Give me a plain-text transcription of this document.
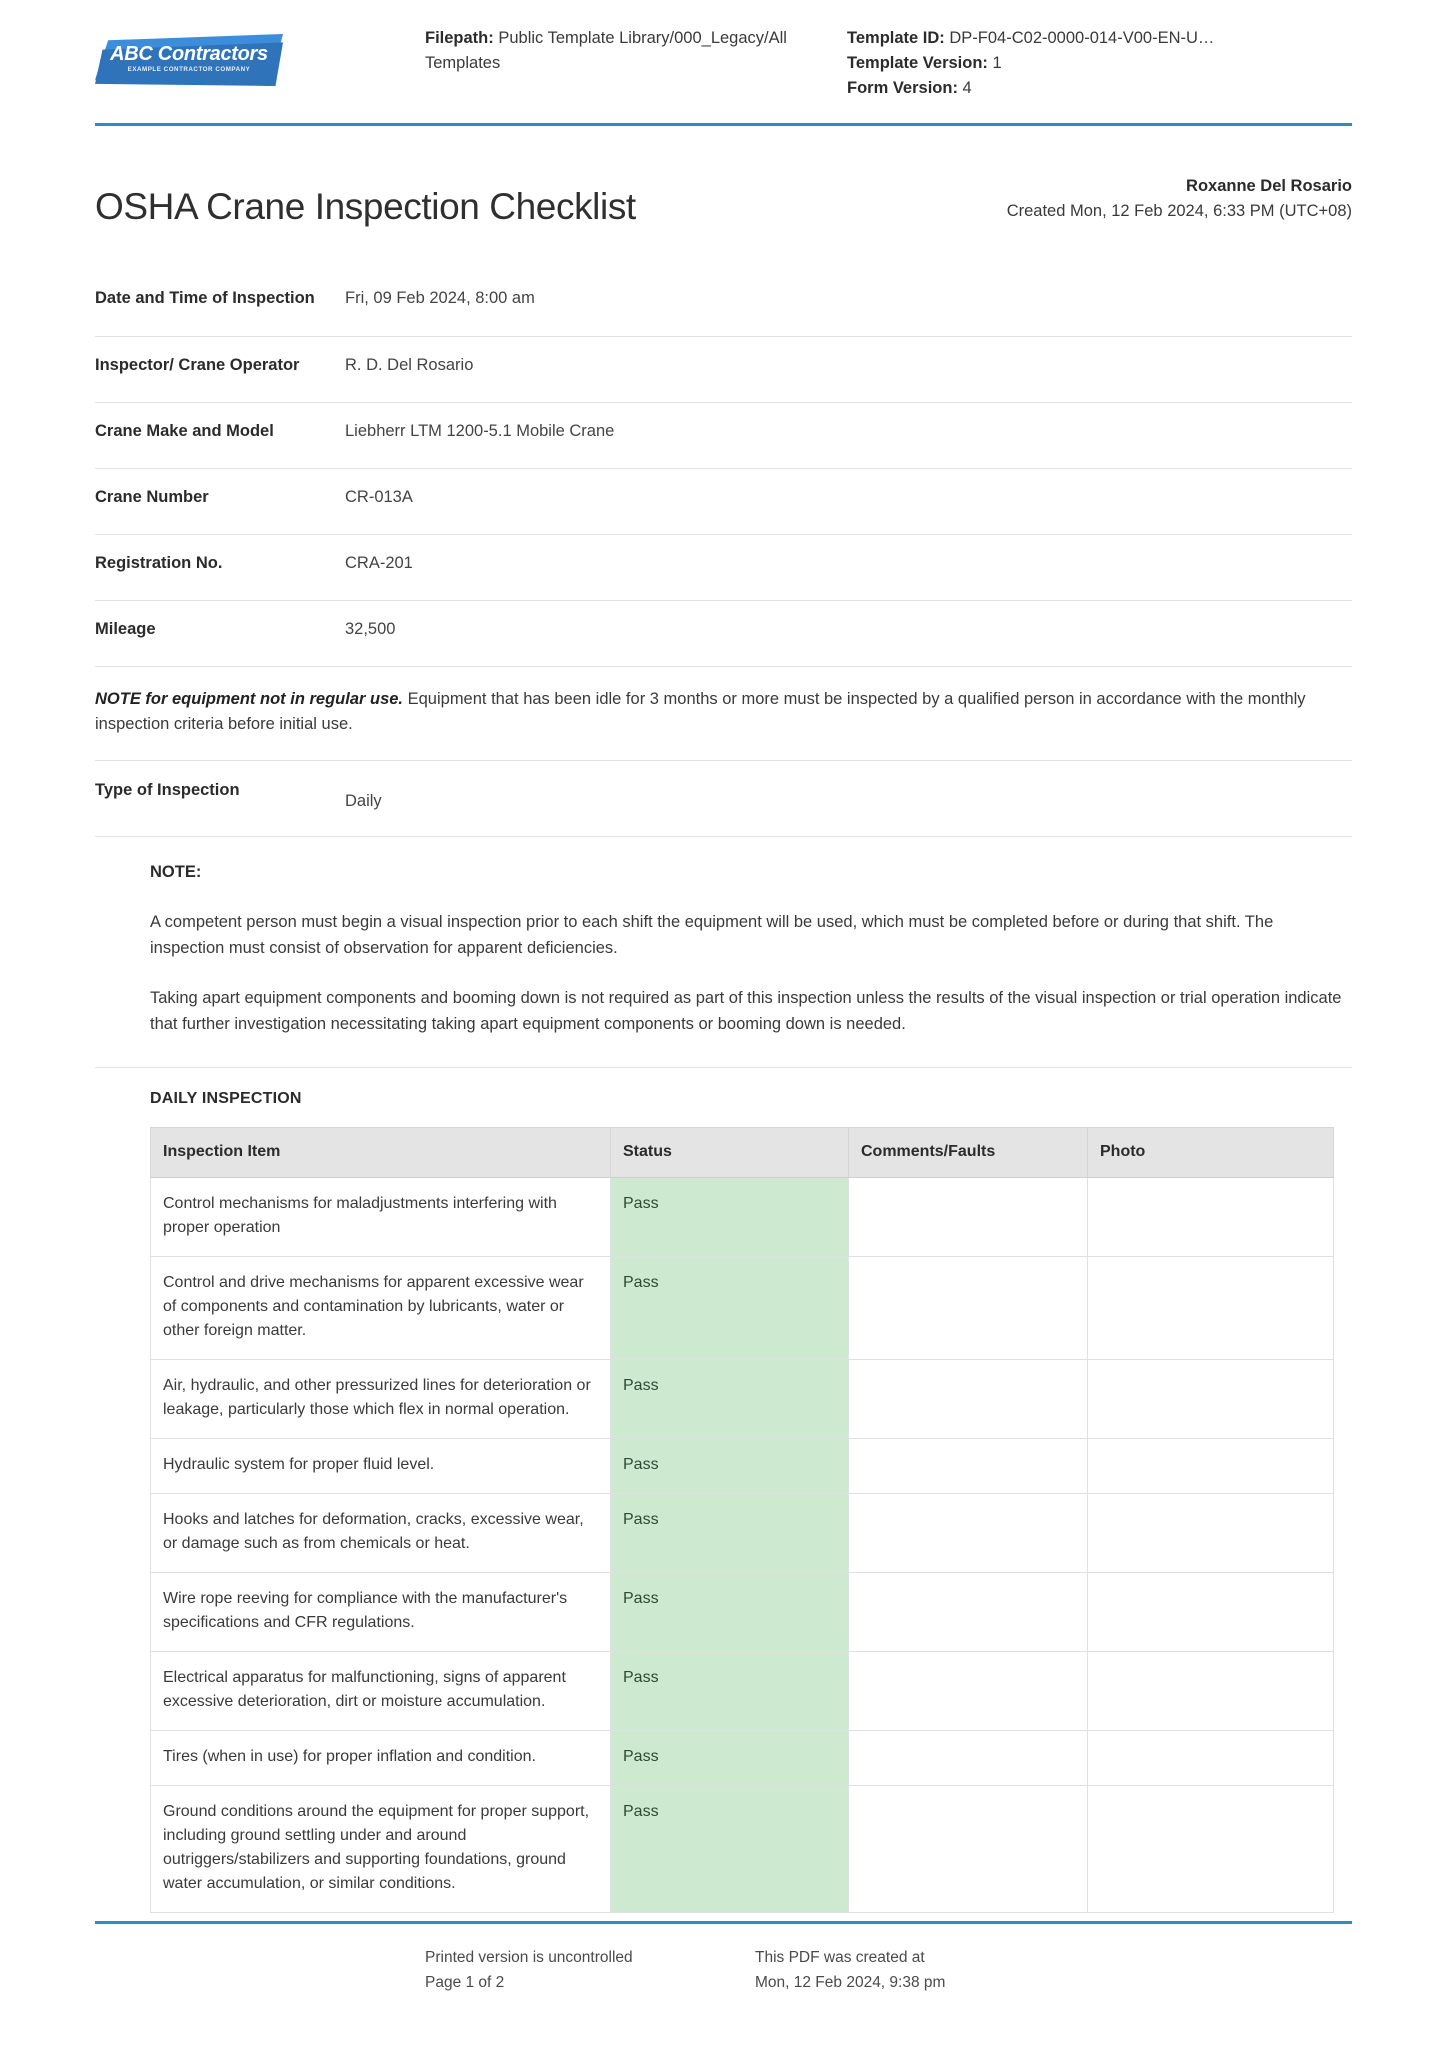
ABC Contractors
EXAMPLE CONTRACTOR COMPANY
Filepath: Public Template Library/000_Legacy/All Templates
Template ID: DP-F04-C02-0000-014-V00-EN-U…
Template Version: 1
Form Version: 4
OSHA Crane Inspection Checklist	Roxanne Del Rosario
Created Mon, 12 Feb 2024, 6:33 PM (UTC+08)
Date and Time of Inspection	Fri, 09 Feb 2024, 8:00 am
Inspector/ Crane Operator	R. D. Del Rosario
Crane Make and Model	Liebherr LTM 1200-5.1 Mobile Crane
Crane Number	CR-013A
Registration No.	CRA-201
Mileage	32,500
NOTE for equipment not in regular use. Equipment that has been idle for 3 months or more must be inspected by a qualified person in accordance with the monthly inspection criteria before initial use.
Type of Inspection
Daily
NOTE:

A competent person must begin a visual inspection prior to each shift the equipment will be used, which must be completed before or during that shift. The inspection must consist of observation for apparent deficiencies.

Taking apart equipment components and booming down is not required as part of this inspection unless the results of the visual inspection or trial operation indicate that further investigation necessitating taking apart equipment components or booming down is needed.

DAILY INSPECTION
Inspection Item	Status	Comments/Faults	Photo
Control mechanisms for maladjustments interfering with proper operation	Pass		
Control and drive mechanisms for apparent excessive wear of components and contamination by lubricants, water or other foreign matter.	Pass		
Air, hydraulic, and other pressurized lines for deterioration or leakage, particularly those which flex in normal operation.	Pass		
Hydraulic system for proper fluid level.	Pass		
Hooks and latches for deformation, cracks, excessive wear, or damage such as from chemicals or heat.	Pass		
Wire rope reeving for compliance with the manufacturer's specifications and CFR regulations.	Pass		
Electrical apparatus for malfunctioning, signs of apparent excessive deterioration, dirt or moisture accumulation.	Pass		
Tires (when in use) for proper inflation and condition.	Pass		
Ground conditions around the equipment for proper support, including ground settling under and around outriggers/stabilizers and supporting foundations, ground water accumulation, or similar conditions.	Pass		
Printed version is uncontrolled
Page 1 of 2
This PDF was created at
Mon, 12 Feb 2024, 9:38 pm
